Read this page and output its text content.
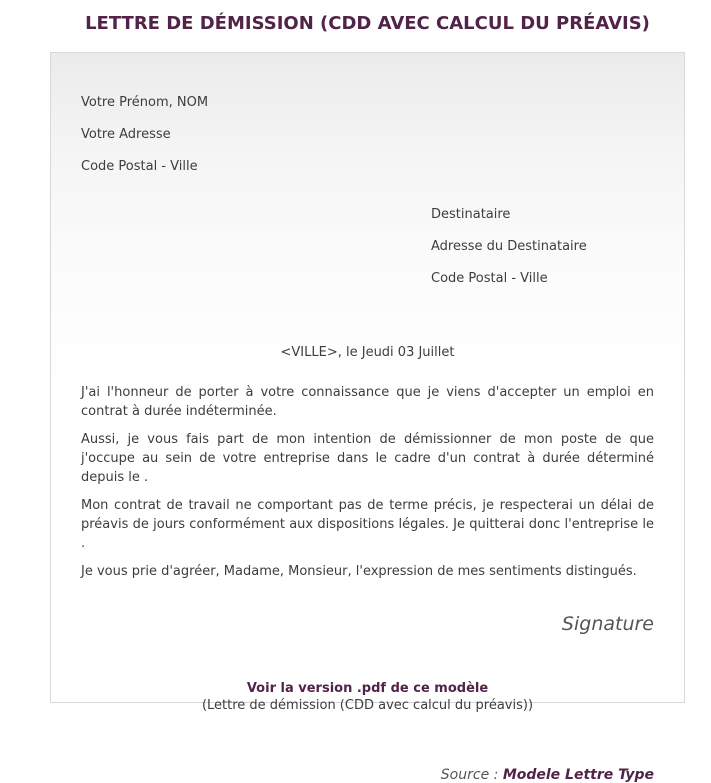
LETTRE DE DÉMISSION (CDD AVEC CALCUL DU PRÉAVIS)

Votre Prénom, NOM

Votre Adresse

Code Postal - Ville

Destinataire

Adresse du Destinataire

Code Postal - Ville

<VILLE>, le Jeudi 03 Juillet

J'ai l'honneur de porter à votre connaissance que je viens d'accepter un emploi en contrat à durée indéterminée.

Aussi, je vous fais part de mon intention de démissionner de mon poste de que j'occupe au sein de votre entreprise dans le cadre d'un contrat à durée déterminé depuis le .

Mon contrat de travail ne comportant pas de terme précis, je respecterai un délai de préavis de jours conformément aux dispositions légales. Je quitterai donc l'entreprise le .

Je vous prie d'agréer, Madame, Monsieur, l'expression de mes sentiments distingués.

Signature
Voir la version .pdf de ce modèle
(Lettre de démission (CDD avec calcul du préavis))
Source : Modele Lettre Type
